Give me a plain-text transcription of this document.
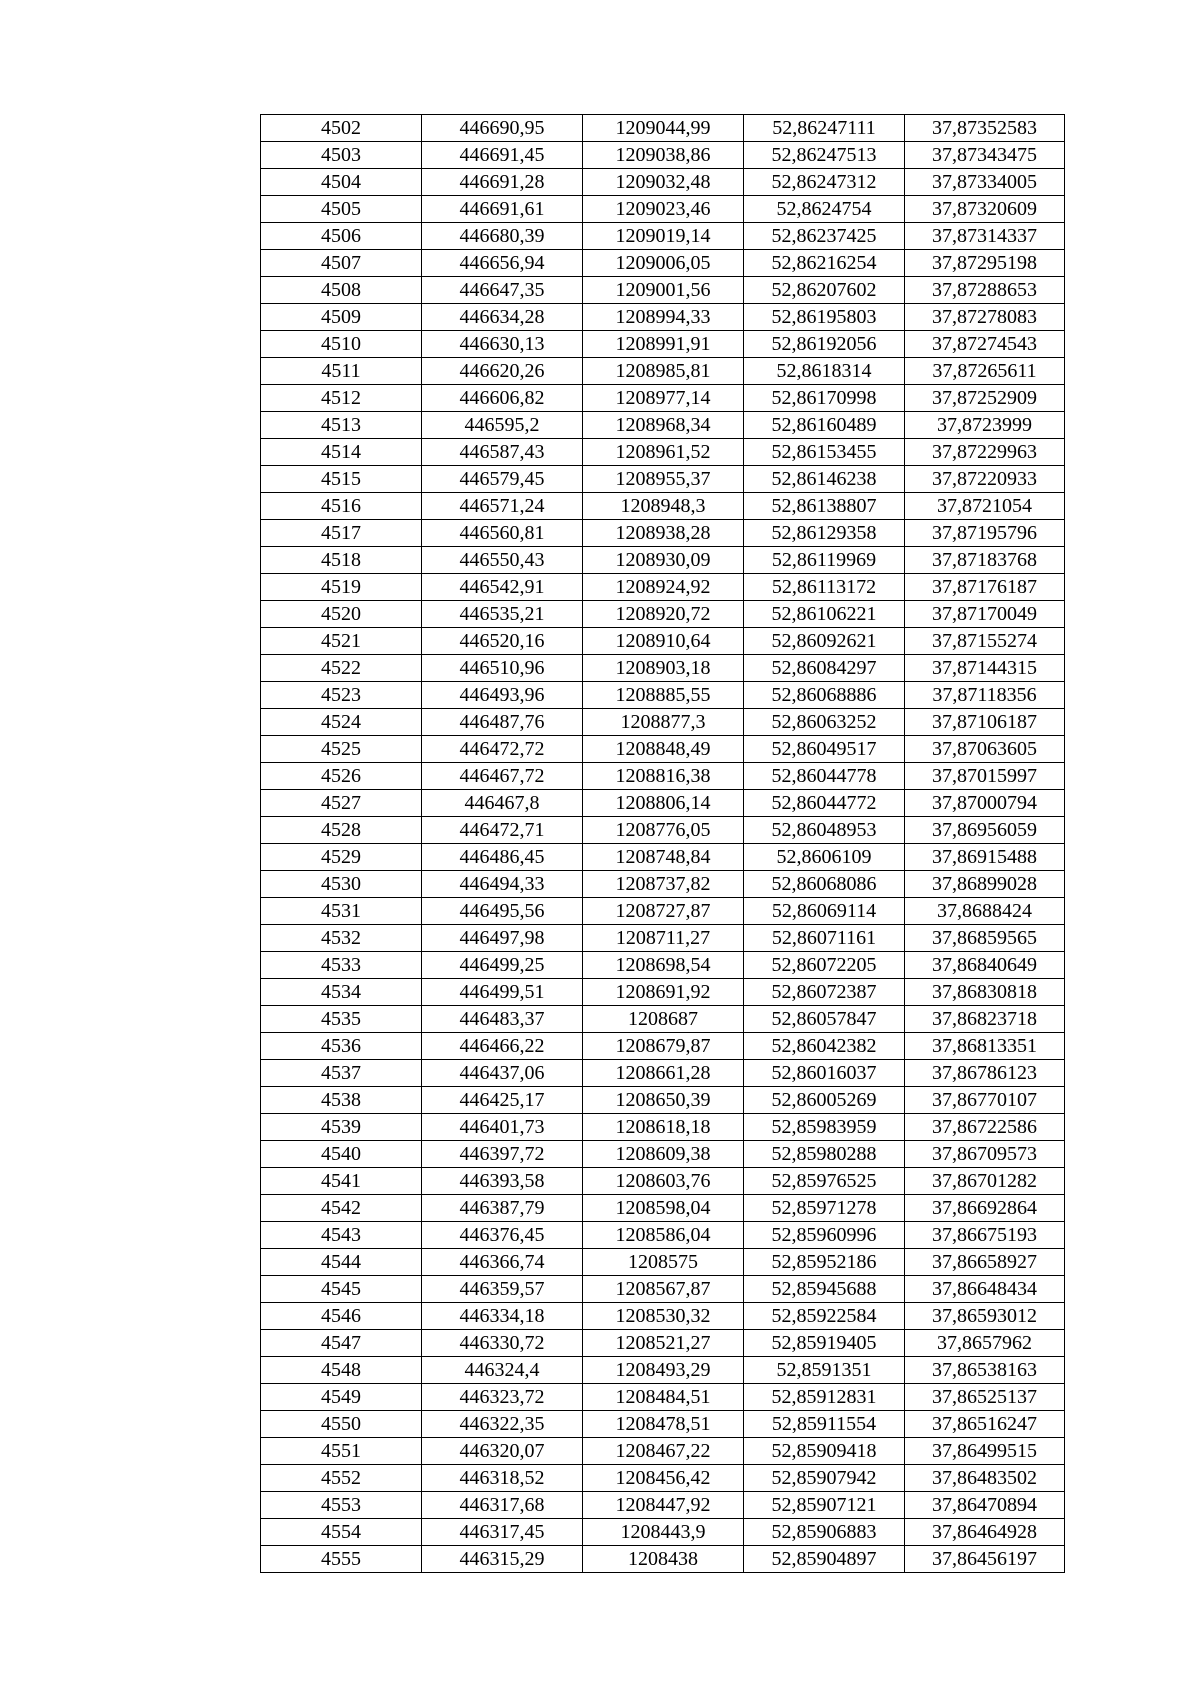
4502	446690,95	1209044,99	52,86247111	37,87352583
4503	446691,45	1209038,86	52,86247513	37,87343475
4504	446691,28	1209032,48	52,86247312	37,87334005
4505	446691,61	1209023,46	52,8624754	37,87320609
4506	446680,39	1209019,14	52,86237425	37,87314337
4507	446656,94	1209006,05	52,86216254	37,87295198
4508	446647,35	1209001,56	52,86207602	37,87288653
4509	446634,28	1208994,33	52,86195803	37,87278083
4510	446630,13	1208991,91	52,86192056	37,87274543
4511	446620,26	1208985,81	52,8618314	37,87265611
4512	446606,82	1208977,14	52,86170998	37,87252909
4513	446595,2	1208968,34	52,86160489	37,8723999
4514	446587,43	1208961,52	52,86153455	37,87229963
4515	446579,45	1208955,37	52,86146238	37,87220933
4516	446571,24	1208948,3	52,86138807	37,8721054
4517	446560,81	1208938,28	52,86129358	37,87195796
4518	446550,43	1208930,09	52,86119969	37,87183768
4519	446542,91	1208924,92	52,86113172	37,87176187
4520	446535,21	1208920,72	52,86106221	37,87170049
4521	446520,16	1208910,64	52,86092621	37,87155274
4522	446510,96	1208903,18	52,86084297	37,87144315
4523	446493,96	1208885,55	52,86068886	37,87118356
4524	446487,76	1208877,3	52,86063252	37,87106187
4525	446472,72	1208848,49	52,86049517	37,87063605
4526	446467,72	1208816,38	52,86044778	37,87015997
4527	446467,8	1208806,14	52,86044772	37,87000794
4528	446472,71	1208776,05	52,86048953	37,86956059
4529	446486,45	1208748,84	52,8606109	37,86915488
4530	446494,33	1208737,82	52,86068086	37,86899028
4531	446495,56	1208727,87	52,86069114	37,8688424
4532	446497,98	1208711,27	52,86071161	37,86859565
4533	446499,25	1208698,54	52,86072205	37,86840649
4534	446499,51	1208691,92	52,86072387	37,86830818
4535	446483,37	1208687	52,86057847	37,86823718
4536	446466,22	1208679,87	52,86042382	37,86813351
4537	446437,06	1208661,28	52,86016037	37,86786123
4538	446425,17	1208650,39	52,86005269	37,86770107
4539	446401,73	1208618,18	52,85983959	37,86722586
4540	446397,72	1208609,38	52,85980288	37,86709573
4541	446393,58	1208603,76	52,85976525	37,86701282
4542	446387,79	1208598,04	52,85971278	37,86692864
4543	446376,45	1208586,04	52,85960996	37,86675193
4544	446366,74	1208575	52,85952186	37,86658927
4545	446359,57	1208567,87	52,85945688	37,86648434
4546	446334,18	1208530,32	52,85922584	37,86593012
4547	446330,72	1208521,27	52,85919405	37,8657962
4548	446324,4	1208493,29	52,8591351	37,86538163
4549	446323,72	1208484,51	52,85912831	37,86525137
4550	446322,35	1208478,51	52,85911554	37,86516247
4551	446320,07	1208467,22	52,85909418	37,86499515
4552	446318,52	1208456,42	52,85907942	37,86483502
4553	446317,68	1208447,92	52,85907121	37,86470894
4554	446317,45	1208443,9	52,85906883	37,86464928
4555	446315,29	1208438	52,85904897	37,86456197
